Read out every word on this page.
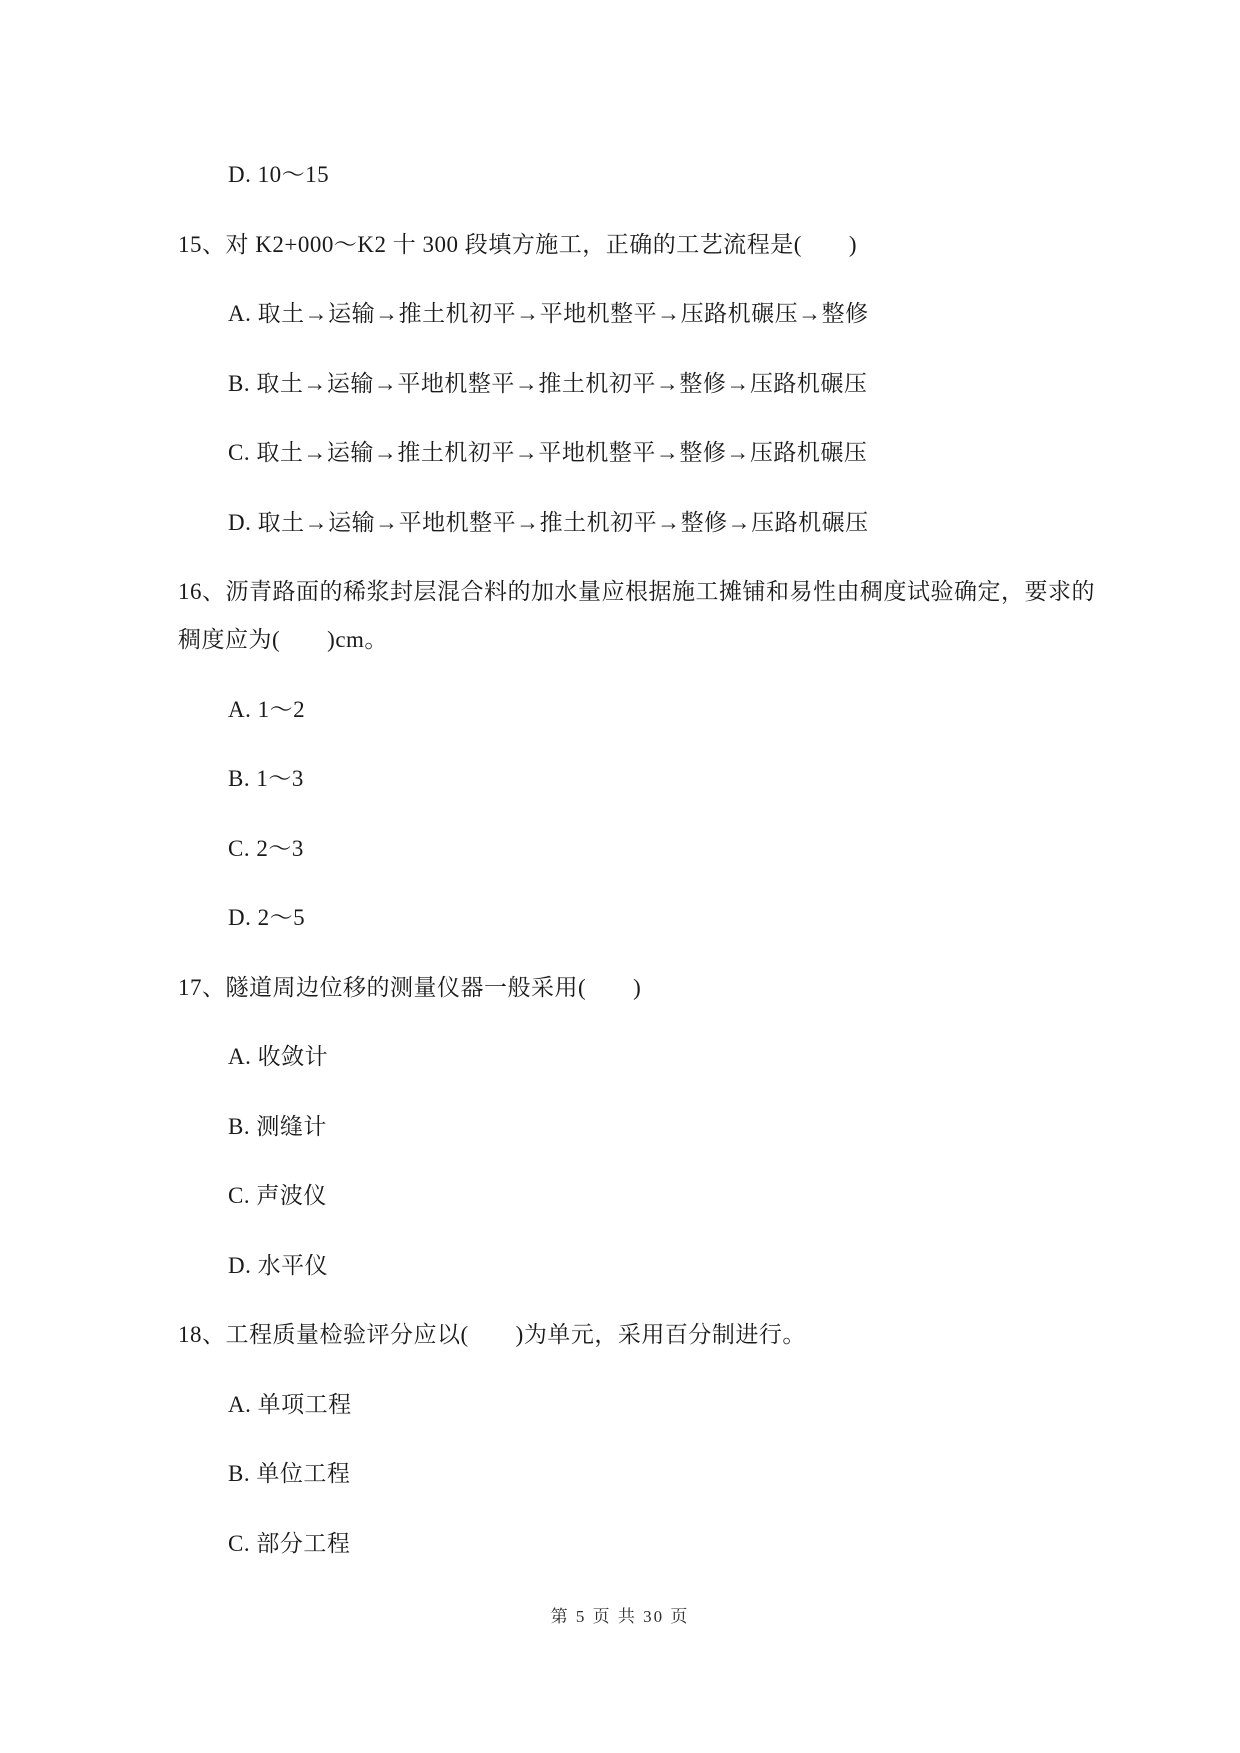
D. 10～15
15、对 K2+000～K2 十 300 段填方施工，正确的工艺流程是(　　)
A. 取土→运输→推土机初平→平地机整平→压路机碾压→整修
B. 取土→运输→平地机整平→推土机初平→整修→压路机碾压
C. 取土→运输→推土机初平→平地机整平→整修→压路机碾压
D. 取土→运输→平地机整平→推土机初平→整修→压路机碾压
16、沥青路面的稀浆封层混合料的加水量应根据施工摊铺和易性由稠度试验确定，要求的
稠度应为(　　)cm。
A. 1～2
B. 1～3
C. 2～3
D. 2～5
17、隧道周边位移的测量仪器一般采用(　　)
A. 收敛计
B. 测缝计
C. 声波仪
D. 水平仪
18、工程质量检验评分应以(　　)为单元，采用百分制进行。
A. 单项工程
B. 单位工程
C. 部分工程
第 5 页 共 30 页
